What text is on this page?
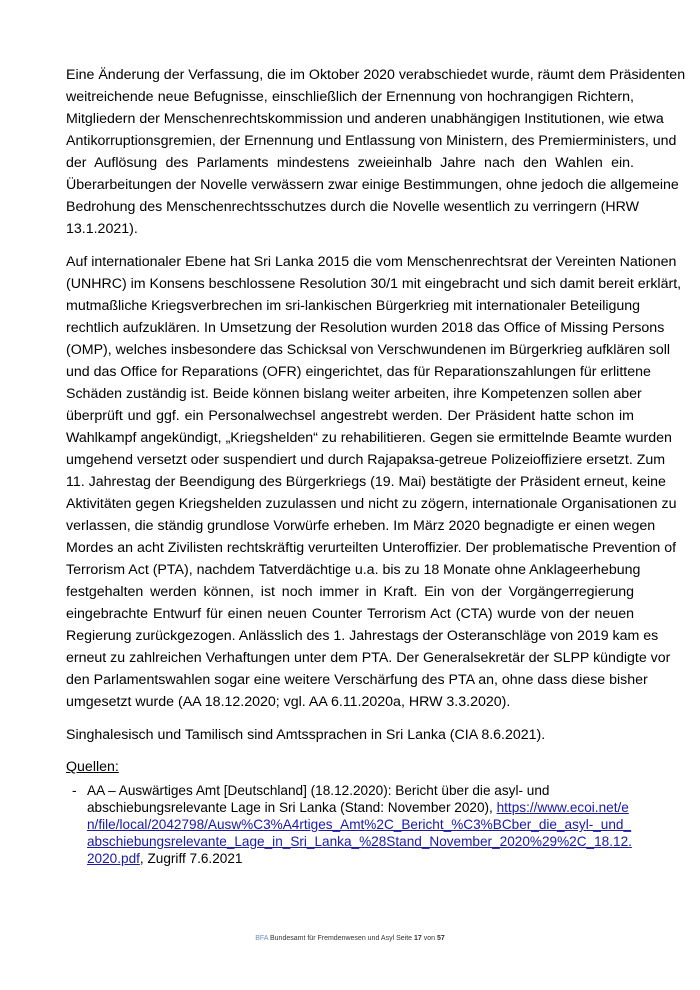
Eine Änderung der Verfassung, die im Oktober 2020 verabschiedet wurde, räumt dem Präsidenten
weitreichende neue Befugnisse, einschließlich der Ernennung von hochrangigen Richtern,
Mitgliedern der Menschenrechtskommission und anderen unabhängigen Institutionen, wie etwa
Antikorruptionsgremien, der Ernennung und Entlassung von Ministern, des Premierministers, und
der Auflösung des Parlaments mindestens zweieinhalb Jahre nach den Wahlen ein.
Überarbeitungen der Novelle verwässern zwar einige Bestimmungen, ohne jedoch die allgemeine
Bedrohung des Menschenrechtsschutzes durch die Novelle wesentlich zu verringern (HRW
13.1.2021).
Auf internationaler Ebene hat Sri Lanka 2015 die vom Menschenrechtsrat der Vereinten Nationen
(UNHRC) im Konsens beschlossene Resolution 30/1 mit eingebracht und sich damit bereit erklärt,
mutmaßliche Kriegsverbrechen im sri-lankischen Bürgerkrieg mit internationaler Beteiligung
rechtlich aufzuklären. In Umsetzung der Resolution wurden 2018 das Office of Missing Persons
(OMP), welches insbesondere das Schicksal von Verschwundenen im Bürgerkrieg aufklären soll
und das Office for Reparations (OFR) eingerichtet, das für Reparationszahlungen für erlittene
Schäden zuständig ist. Beide können bislang weiter arbeiten, ihre Kompetenzen sollen aber
überprüft und ggf. ein Personalwechsel angestrebt werden. Der Präsident hatte schon im
Wahlkampf angekündigt, „Kriegshelden“ zu rehabilitieren. Gegen sie ermittelnde Beamte wurden
umgehend versetzt oder suspendiert und durch Rajapaksa-getreue Polizeioffiziere ersetzt. Zum
11. Jahrestag der Beendigung des Bürgerkriegs (19. Mai) bestätigte der Präsident erneut, keine
Aktivitäten gegen Kriegshelden zuzulassen und nicht zu zögern, internationale Organisationen zu
verlassen, die ständig grundlose Vorwürfe erheben. Im März 2020 begnadigte er einen wegen
Mordes an acht Zivilisten rechtskräftig verurteilten Unteroffizier. Der problematische Prevention of
Terrorism Act (PTA), nachdem Tatverdächtige u.a. bis zu 18 Monate ohne Anklageerhebung
festgehalten werden können, ist noch immer in Kraft. Ein von der Vorgängerregierung
eingebrachte Entwurf für einen neuen Counter Terrorism Act (CTA) wurde von der neuen
Regierung zurückgezogen. Anlässlich des 1. Jahrestags der Osteranschläge von 2019 kam es
erneut zu zahlreichen Verhaftungen unter dem PTA. Der Generalsekretär der SLPP kündigte vor
den Parlamentswahlen sogar eine weitere Verschärfung des PTA an, ohne dass diese bisher
umgesetzt wurde (AA 18.12.2020; vgl. AA 6.11.2020a, HRW 3.3.2020).
Singhalesisch und Tamilisch sind Amtssprachen in Sri Lanka (CIA 8.6.2021).
Quellen:
- AA – Auswärtiges Amt [Deutschland] (18.12.2020): Bericht über die asyl- und abschiebungsrelevante Lage in Sri Lanka (Stand: November 2020), https://www.ecoi.net/en/file/local/2042798/Ausw%C3%A4rtiges_Amt%2C_Bericht_%C3%BCber_die_asyl-_und_abschiebungsrelevante_Lage_in_Sri_Lanka_%28Stand_November_2020%29%2C_18.12.2020.pdf, Zugriff 7.6.2021
BFA Bundesamt für Fremdenwesen und Asyl Seite 17 von 57
